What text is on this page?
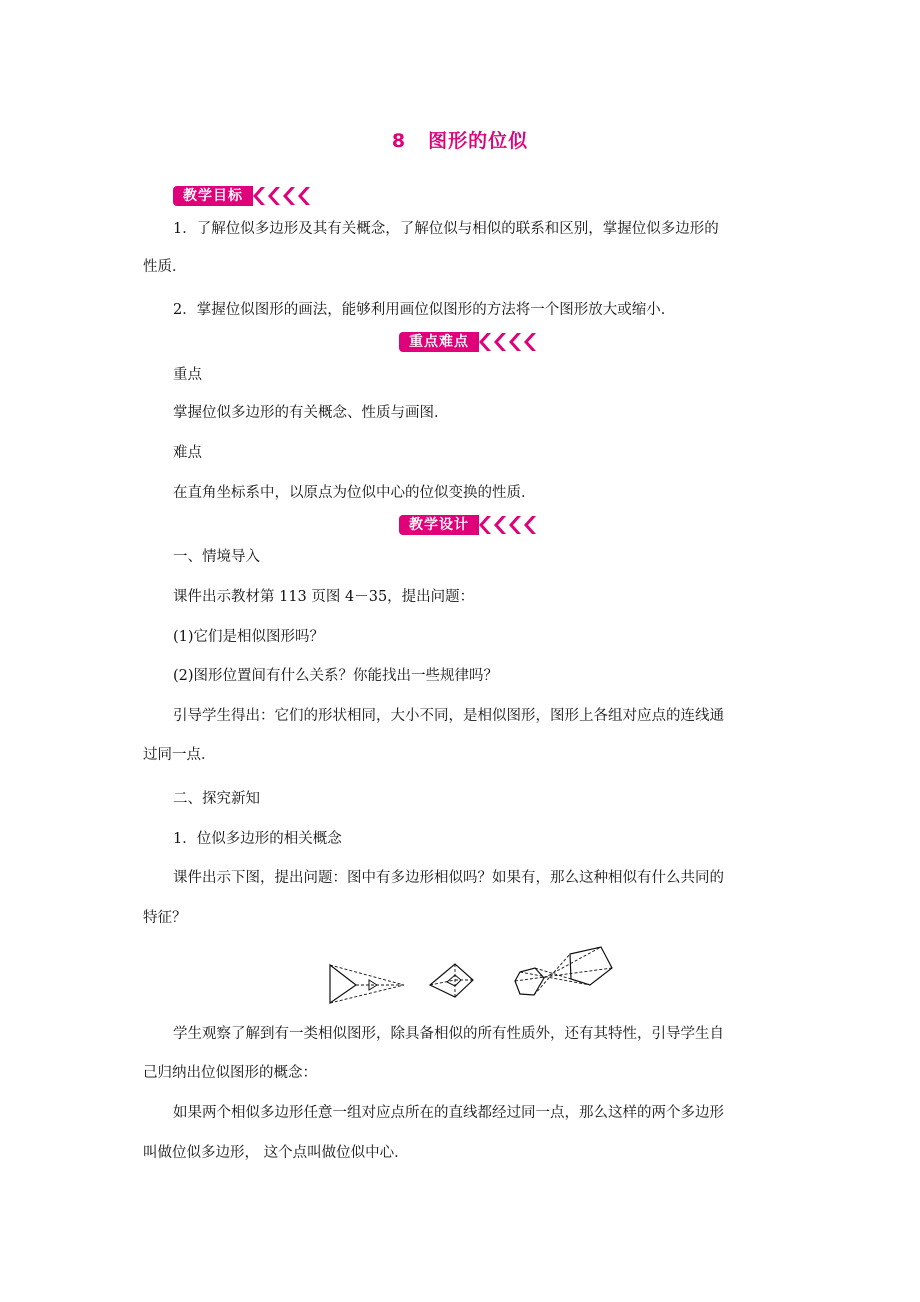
8 图形的位似
教学目标
1．了解位似多边形及其有关概念，了解位似与相似的联系和区别，掌握位似多边形的
性质．
2．掌握位似图形的画法，能够利用画位似图形的方法将一个图形放大或缩小．
重点难点
重点
掌握位似多边形的有关概念、性质与画图．
难点
在直角坐标系中，以原点为位似中心的位似变换的性质．
教学设计
一、情境导入
课件出示教材第 113 页图 4－35，提出问题：
(1)它们是相似图形吗？
(2)图形位置间有什么关系？你能找出一些规律吗？
引导学生得出：它们的形状相同，大小不同，是相似图形，图形上各组对应点的连线通
过同一点．
二、探究新知
1．位似多边形的相关概念
课件出示下图，提出问题：图中有多边形相似吗？如果有，那么这种相似有什么共同的
特征？
学生观察了解到有一类相似图形，除具备相似的所有性质外，还有其特性，引导学生自
己归纳出位似图形的概念：
如果两个相似多边形任意一组对应点所在的直线都经过同一点，那么这样的两个多边形
叫做位似多边形， 这个点叫做位似中心．
